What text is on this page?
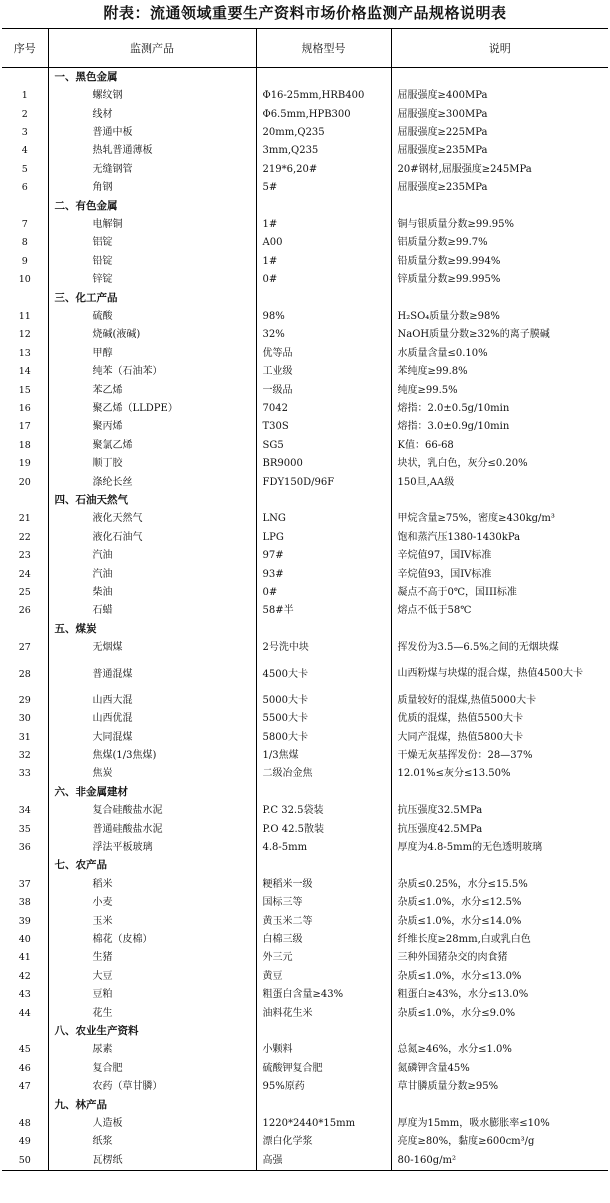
附表：流通领域重要生产资料市场价格监测产品规格说明表
序号	监测产品	规格型号	说明
	一、黑色金属		
1	螺纹钢	Φ16-25mm,HRB400	屈服强度≥400MPa
2	线材	Φ6.5mm,HPB300	屈服强度≥300MPa
3	普通中板	20mm,Q235	屈服强度≥225MPa
4	热轧普通薄板	3mm,Q235	屈服强度≥235MPa
5	无缝钢管	219*6,20#	20#钢材,屈服强度≥245MPa
6	角钢	5#	屈服强度≥235MPa
	二、有色金属		
7	电解铜	1#	铜与银质量分数≥99.95%
8	铝锭	A00	铝质量分数≥99.7%
9	铅锭	1#	铅质量分数≥99.994%
10	锌锭	0#	锌质量分数≥99.995%
	三、化工产品		
11	硫酸	98%	H₂SO₄质量分数≥98%
12	烧碱(液碱)	32%	NaOH质量分数≥32%的离子膜碱
13	甲醇	优等品	水质量含量≤0.10%
14	纯苯（石油苯）	工业级	苯纯度≥99.8%
15	苯乙烯	一级品	纯度≥99.5%
16	聚乙烯（LLDPE）	7042	熔指：2.0±0.5g/10min
17	聚丙烯	T30S	熔指：3.0±0.9g/10min
18	聚氯乙烯	SG5	K值：66-68
19	顺丁胶	BR9000	块状，乳白色，灰分≤0.20%
20	涤纶长丝	FDY150D/96F	150旦,AA级
	四、石油天然气		
21	液化天然气	LNG	甲烷含量≥75%，密度≥430kg/m³
22	液化石油气	LPG	饱和蒸汽压1380-1430kPa
23	汽油	97#	辛烷值97，国IV标准
24	汽油	93#	辛烷值93，国IV标准
25	柴油	0#	凝点不高于0℃，国III标准
26	石蜡	58#半	熔点不低于58℃
	五、煤炭		
27	无烟煤	2号洗中块	挥发份为3.5—6.5%之间的无烟块煤
28	普通混煤	4500大卡	山西粉煤与块煤的混合煤，热值4500大卡
29	山西大混	5000大卡	质量较好的混煤,热值5000大卡
30	山西优混	5500大卡	优质的混煤，热值5500大卡
31	大同混煤	5800大卡	大同产混煤，热值5800大卡
32	焦煤(1/3焦煤)	1/3焦煤	干燥无灰基挥发份：28—37%
33	焦炭	二级冶金焦	12.01%≤灰分≤13.50%
	六、非金属建材		
34	复合硅酸盐水泥	P.C 32.5袋装	抗压强度32.5MPa
35	普通硅酸盐水泥	P.O 42.5散装	抗压强度42.5MPa
36	浮法平板玻璃	4.8-5mm	厚度为4.8-5mm的无色透明玻璃
	七、农产品		
37	稻米	粳稻米一级	杂质≤0.25%，水分≤15.5%
38	小麦	国标三等	杂质≤1.0%，水分≤12.5%
39	玉米	黄玉米二等	杂质≤1.0%，水分≤14.0%
40	棉花（皮棉）	白棉三级	纤维长度≥28mm,白或乳白色
41	生猪	外三元	三种外国猪杂交的肉食猪
42	大豆	黄豆	杂质≤1.0%，水分≤13.0%
43	豆粕	粗蛋白含量≥43%	粗蛋白≥43%，水分≤13.0%
44	花生	油料花生米	杂质≤1.0%，水分≤9.0%
	八、农业生产资料		
45	尿素	小颗料	总氮≥46%，水分≤1.0%
46	复合肥	硫酸钾复合肥	氮磷钾含量45%
47	农药（草甘膦）	95%原药	草甘膦质量分数≥95%
	九、林产品		
48	人造板	1220*2440*15mm	厚度为15mm，吸水膨胀率≤10%
49	纸浆	漂白化学浆	亮度≥80%，黏度≥600cm³/g
50	瓦楞纸	高强	80-160g/m²
